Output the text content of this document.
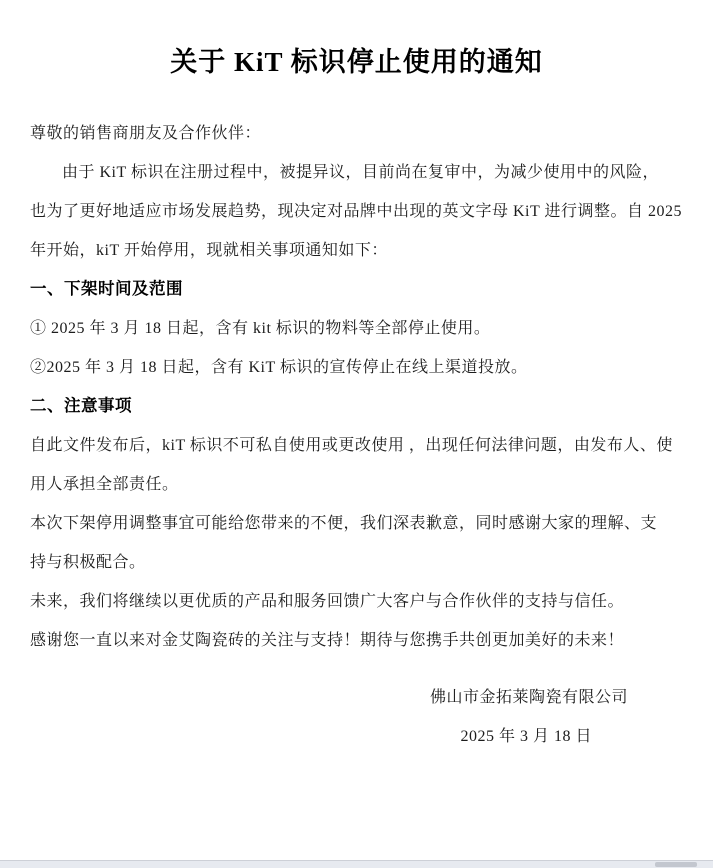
关于 KiT 标识停止使用的通知
尊敬的销售商朋友及合作伙伴：
由于 KiT 标识在注册过程中，被提异议，目前尚在复审中，为减少使用中的风险，
也为了更好地适应市场发展趋势，现决定对品牌中出现的英文字母 KiT 进行调整。自 2025
年开始，kiT 开始停用，现就相关事项通知如下：
一、下架时间及范围
① 2025 年 3 月 18 日起，含有 kit 标识的物料等全部停止使用。
②2025 年 3 月 18 日起，含有 KiT 标识的宣传停止在线上渠道投放。
二、注意事项
自此文件发布后，kiT 标识不可私自使用或更改使用 ，出现任何法律问题，由发布人、使
用人承担全部责任。
本次下架停用调整事宜可能给您带来的不便，我们深表歉意，同时感谢大家的理解、支
持与积极配合。
未来，我们将继续以更优质的产品和服务回馈广大客户与合作伙伴的支持与信任。
感谢您一直以来对金艾陶瓷砖的关注与支持！期待与您携手共创更加美好的未来！
佛山市金拓莱陶瓷有限公司
2025 年 3 月 18 日
